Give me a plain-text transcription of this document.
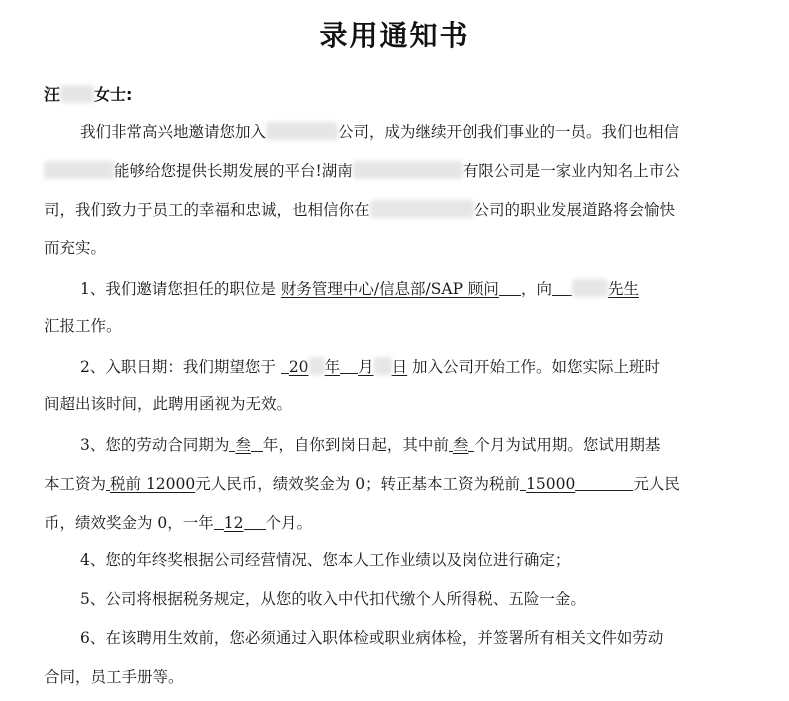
录用通知书
汪 女士:
我们非常高兴地邀请您加入	公司，成为继续开创我们事业的一员。我们也相信
能够给您提供长期发展的平台!湖南	有限公司是一家业内知名上市公
司，我们致力于员工的幸福和忠诚，也相信你在	公司的职业发展道路将会愉快
而充实。
1、我们邀请您担任的职位是 财务管理中心/信息部/SAP 顾问 ，向	先生
汇报工作。
2、入职日期：我们期望您于 20 年 月 日 加入公司开始工作。如您实际上班时
间超出该时间，此聘用函视为无效。
3、您的劳动合同期为 叁 年，自你到岗日起，其中前 叁 个月为试用期。您试用期基
本工资为 税前 12000元人民币，绩效奖金为 0；转正基本工资为税前 15000	元人民
币，绩效奖金为 0，一年 12 个月。
4、您的年终奖根据公司经营情况、您本人工作业绩以及岗位进行确定；
5、公司将根据税务规定，从您的收入中代扣代缴个人所得税、五险一金。
6、在该聘用生效前，您必须通过入职体检或职业病体检，并签署所有相关文件如劳动
合同，员工手册等。
